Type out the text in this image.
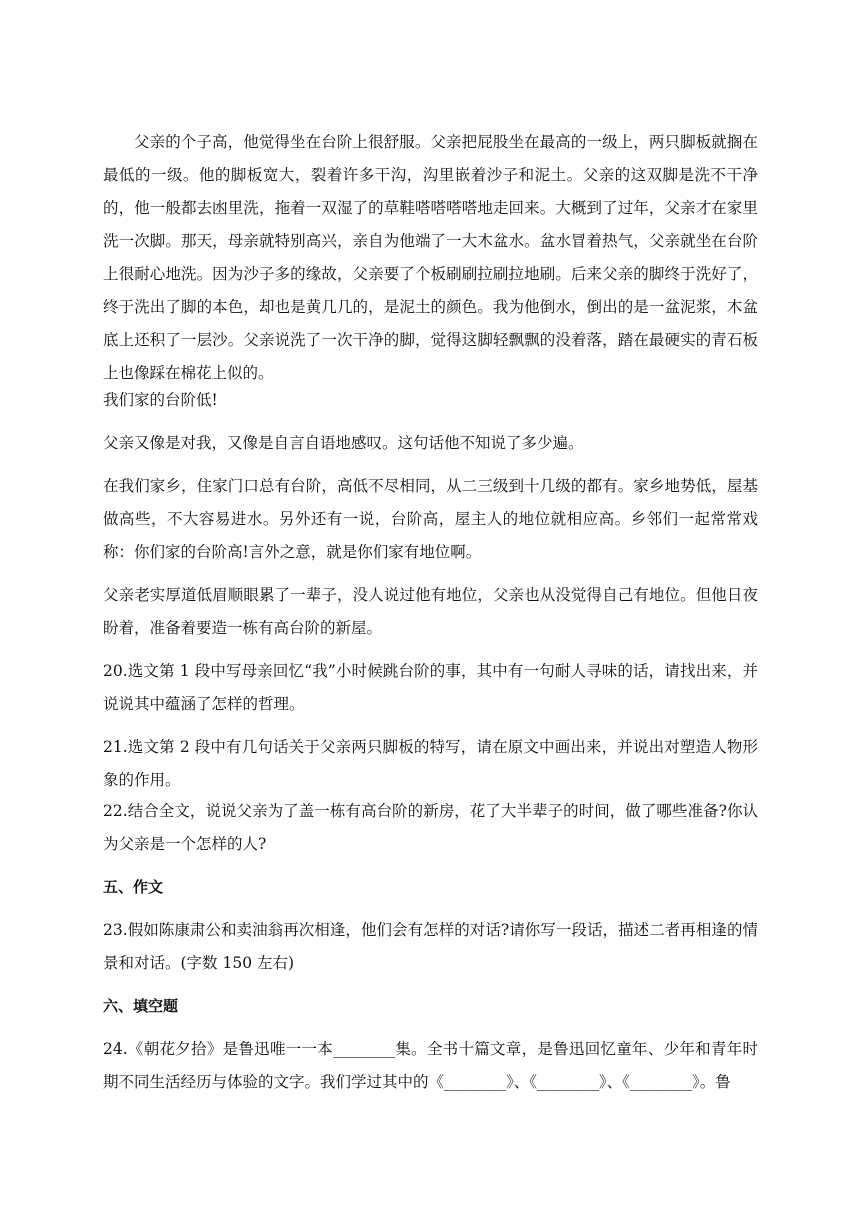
父亲的个子高，他觉得坐在台阶上很舒服。父亲把屁股坐在最高的一级上，两只脚板就搁在最低的一级。他的脚板宽大，裂着许多干沟，沟里嵌着沙子和泥土。父亲的这双脚是洗不干净的，他一般都去凼里洗，拖着一双湿了的草鞋嗒嗒嗒嗒地走回来。大概到了过年，父亲才在家里洗一次脚。那天，母亲就特别高兴，亲自为他端了一大木盆水。盆水冒着热气，父亲就坐在台阶上很耐心地洗。因为沙子多的缘故，父亲要了个板刷刷拉刷拉地刷。后来父亲的脚终于洗好了，终于洗出了脚的本色，却也是黄几几的，是泥土的颜色。我为他倒水，倒出的是一盆泥浆，木盆底上还积了一层沙。父亲说洗了一次干净的脚，觉得这脚轻飘飘的没着落，踏在最硬实的青石板上也像踩在棉花上似的。

我们家的台阶低!

父亲又像是对我，又像是自言自语地感叹。这句话他不知说了多少遍。

在我们家乡，住家门口总有台阶，高低不尽相同，从二三级到十几级的都有。家乡地势低，屋基做高些，不大容易进水。另外还有一说，台阶高，屋主人的地位就相应高。乡邻们一起常常戏称：你们家的台阶高!言外之意，就是你们家有地位啊。

父亲老实厚道低眉顺眼累了一辈子，没人说过他有地位，父亲也从没觉得自己有地位。但他日夜盼着，准备着要造一栋有高台阶的新屋。

20.选文第 1 段中写母亲回忆“我”小时候跳台阶的事，其中有一句耐人寻味的话，请找出来，并说说其中蕴涵了怎样的哲理。

21.选文第 2 段中有几句话关于父亲两只脚板的特写，请在原文中画出来，并说出对塑造人物形象的作用。

22.结合全文，说说父亲为了盖一栋有高台阶的新房，花了大半辈子的时间，做了哪些准备?你认为父亲是一个怎样的人?

五、作文

23.假如陈康肃公和卖油翁再次相逢，他们会有怎样的对话?请你写一段话，描述二者再相逢的情景和对话。(字数 150 左右)

六、填空题

24.《朝花夕拾》是鲁迅唯一一本________集。全书十篇文章，是鲁迅回忆童年、少年和青年时期不同生活经历与体验的文字。我们学过其中的《________》、《________》、《________》。鲁
